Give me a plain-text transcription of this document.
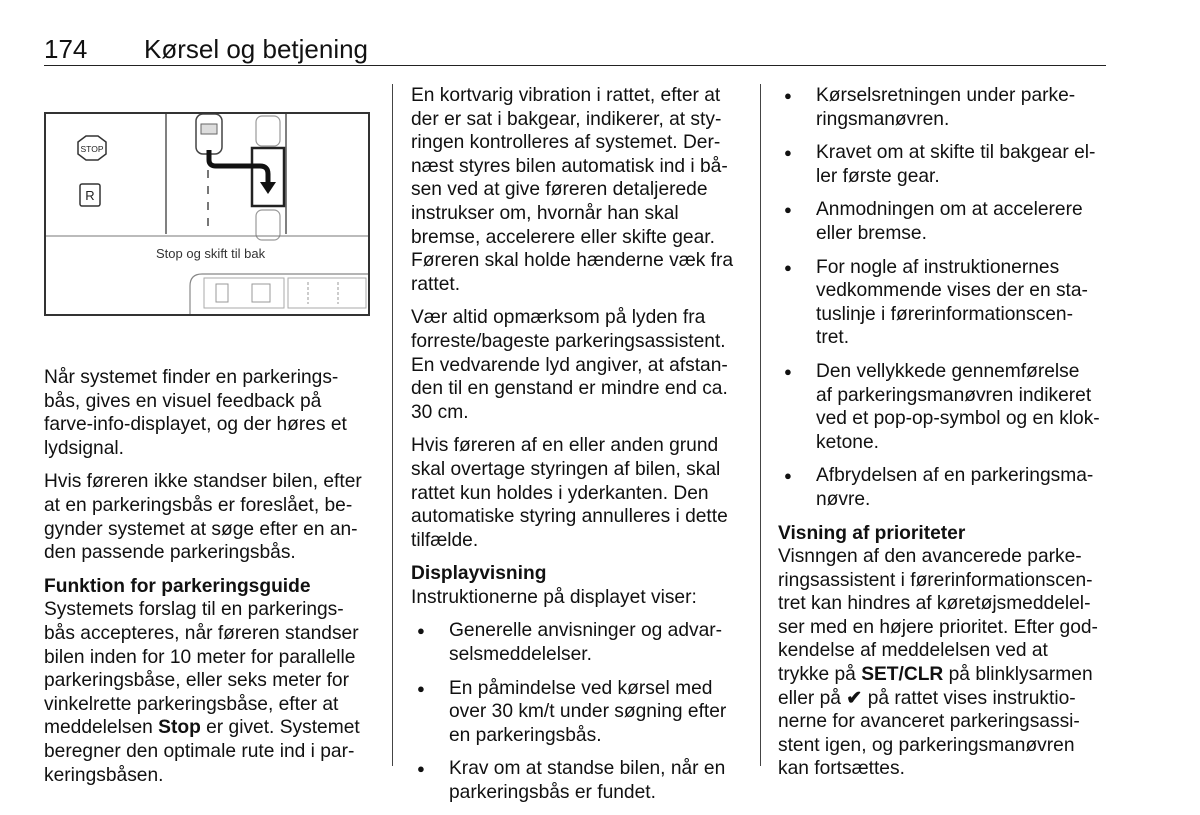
174 Kørsel og betjening
STOP
R
Stop og skift til bak

Når systemet finder en parkerings-
bås, gives en visuel feedback på
farve-info-displayet, og der høres et
lydsignal.

Hvis føreren ikke standser bilen, efter
at en parkeringsbås er foreslået, be-
gynder systemet at søge efter en an-
den passende parkeringsbås.

Funktion for parkeringsguide

Systemets forslag til en parkerings-
bås accepteres, når føreren standser
bilen inden for 10 meter for parallelle
parkeringsbåse, eller seks meter for
vinkelrette parkeringsbåse, efter at
meddelelsen Stop er givet. Systemet
beregner den optimale rute ind i par-
keringsbåsen.

En kortvarig vibration i rattet, efter at
der er sat i bakgear, indikerer, at sty-
ringen kontrolleres af systemet. Der-
næst styres bilen automatisk ind i bå-
sen ved at give føreren detaljerede
instrukser om, hvornår han skal
bremse, accelerere eller skifte gear.
Føreren skal holde hænderne væk fra
rattet.

Vær altid opmærksom på lyden fra
forreste/bageste parkeringsassistent.
En vedvarende lyd angiver, at afstan-
den til en genstand er mindre end ca.
30 cm.

Hvis føreren af en eller anden grund
skal overtage styringen af bilen, skal
rattet kun holdes i yderkanten. Den
automatiske styring annulleres i dette
tilfælde.

Displayvisning
Instruktionerne på displayet viser:
● Generelle anvisninger og advar-
selsmeddelelser.
● En påmindelse ved kørsel med
over 30 km/t under søgning efter
en parkeringsbås.
● Krav om at standse bilen, når en
parkeringsbås er fundet.
● Kørselsretningen under parke-
ringsmanøvren.
● Kravet om at skifte til bakgear el-
ler første gear.
● Anmodningen om at accelerere
eller bremse.
● For nogle af instruktionernes
vedkommende vises der en sta-
tuslinje i førerinformationscen-
tret.
● Den vellykkede gennemførelse
af parkeringsmanøvren indikeret
ved et pop-op-symbol og en klok-
ketone.
● Afbrydelsen af en parkeringsma-
nøvre.
Visning af prioriteter

Visnngen af den avancerede parke-
ringsassistent i førerinformationscen-
tret kan hindres af køretøjsmeddelel-
ser med en højere prioritet. Efter god-
kendelse af meddelelsen ved at
trykke på SET/CLR på blinklysarmen
eller på ✔ på rattet vises instruktio-
nerne for avanceret parkeringsassi-
stent igen, og parkeringsmanøvren
kan fortsættes.
